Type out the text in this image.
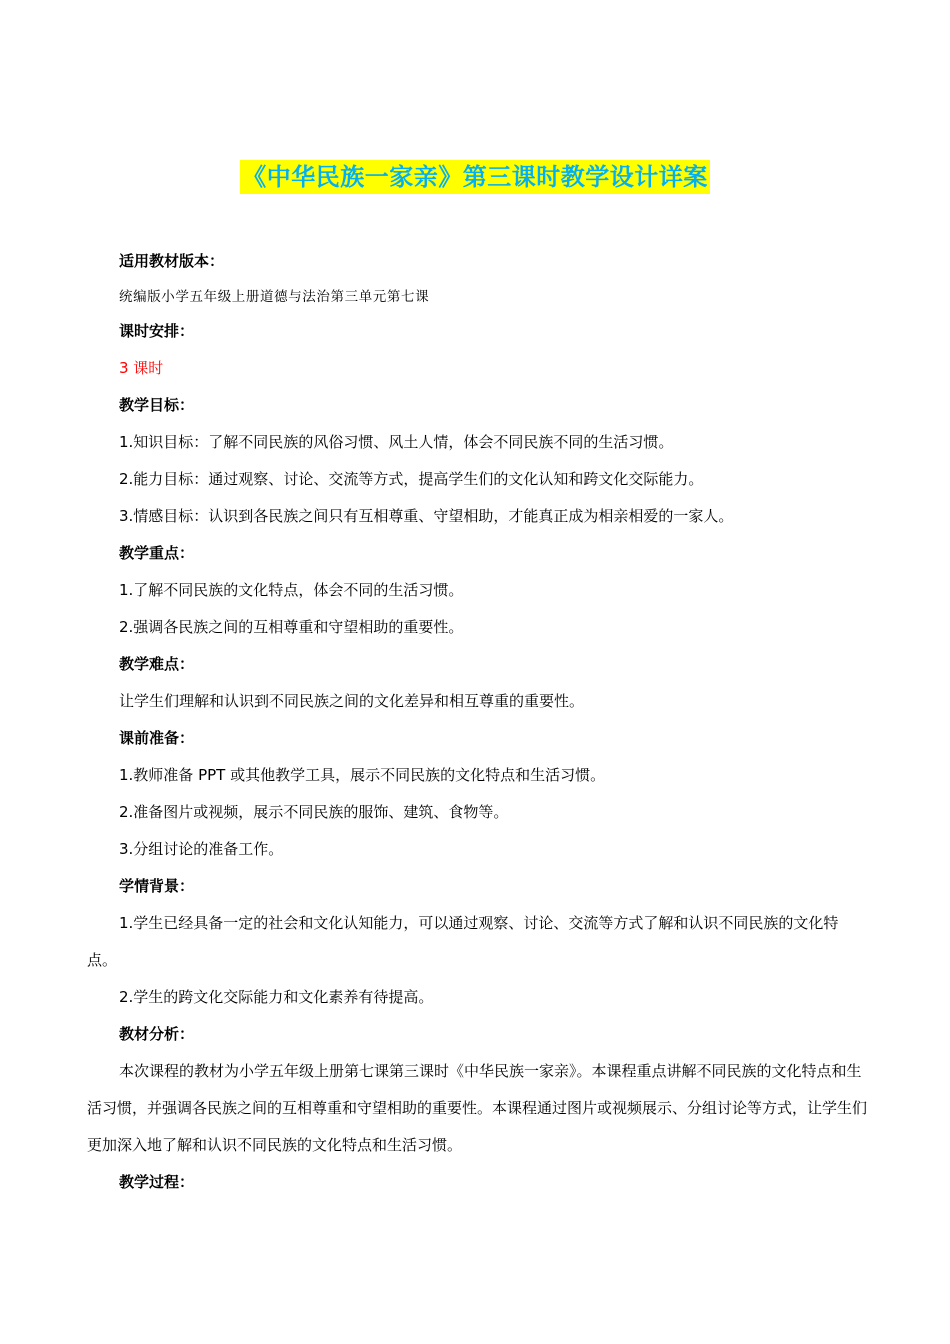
《中华民族一家亲》第三课时教学设计详案
适用教材版本：
统编版小学五年级上册道德与法治第三单元第七课
课时安排：
3 课时
教学目标：
1.知识目标：了解不同民族的风俗习惯、风土人情，体会不同民族不同的生活习惯。
2.能力目标：通过观察、讨论、交流等方式，提高学生们的文化认知和跨文化交际能力。
3.情感目标：认识到各民族之间只有互相尊重、守望相助，才能真正成为相亲相爱的一家人。
教学重点：
1.了解不同民族的文化特点，体会不同的生活习惯。
2.强调各民族之间的互相尊重和守望相助的重要性。
教学难点：
让学生们理解和认识到不同民族之间的文化差异和相互尊重的重要性。
课前准备：
1.教师准备 PPT 或其他教学工具，展示不同民族的文化特点和生活习惯。
2.准备图片或视频，展示不同民族的服饰、建筑、食物等。
3.分组讨论的准备工作。
学情背景：
1.学生已经具备一定的社会和文化认知能力，可以通过观察、讨论、交流等方式了解和认识不同民族的文化特点。
2.学生的跨文化交际能力和文化素养有待提高。
教材分析：
本次课程的教材为小学五年级上册第七课第三课时《中华民族一家亲》。本课程重点讲解不同民族的文化特点和生活习惯，并强调各民族之间的互相尊重和守望相助的重要性。本课程通过图片或视频展示、分组讨论等方式，让学生们更加深入地了解和认识不同民族的文化特点和生活习惯。
教学过程：
